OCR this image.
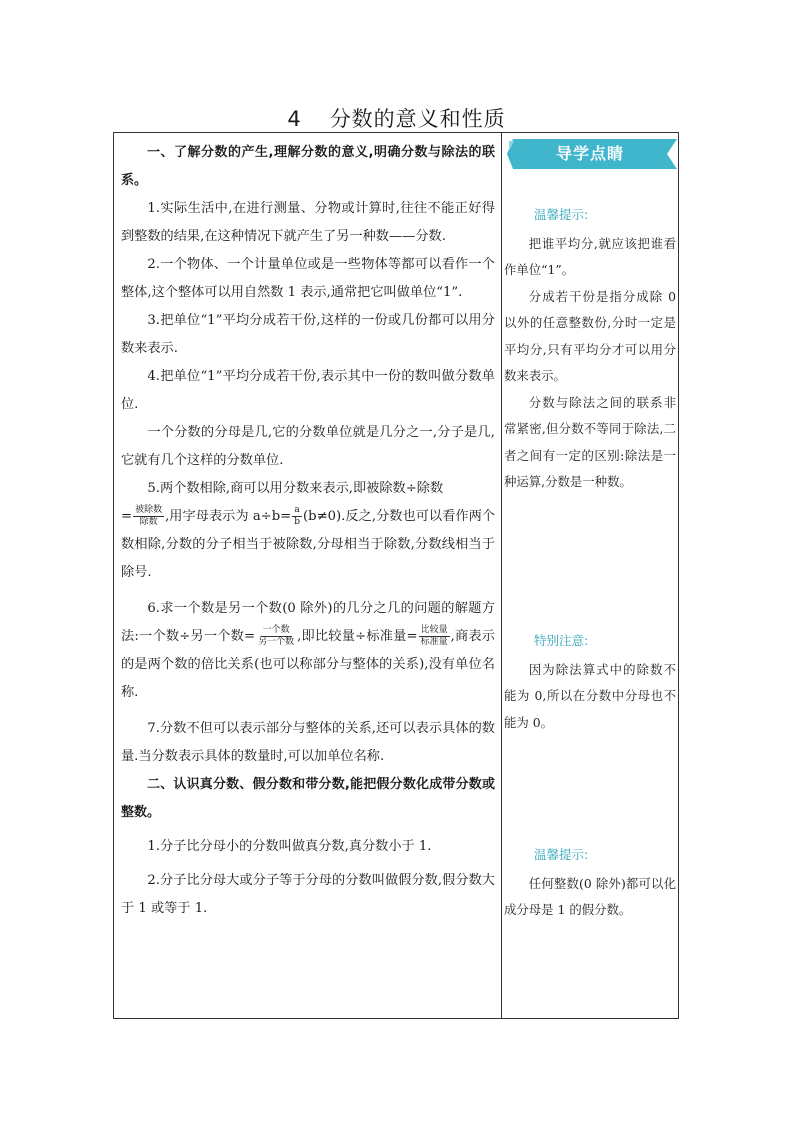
4 分数的意义和性质

一、了解分数的产生,理解分数的意义,明确分数与除法的联系。

1.实际生活中,在进行测量、分物或计算时,往往不能正好得到整数的结果,在这种情况下就产生了另一种数——分数.

2.一个物体、一个计量单位或是一些物体等都可以看作一个整体,这个整体可以用自然数 1 表示,通常把它叫做单位“1”.

3.把单位“1”平均分成若干份,这样的一份或几份都可以用分数来表示.

4.把单位“1”平均分成若干份,表示其中一份的数叫做分数单位.

一个分数的分母是几,它的分数单位就是几分之一,分子是几,它就有几个这样的分数单位.

5.两个数相除,商可以用分数来表示,即被除数÷除数
= $\frac{\text{被除数}}{\text{除数}}$ ,用字母表示为 $a\div b= \frac{a}{b} (b\ne 0)$.反之,分数也可以看作两个数相除,分数的分子相当于被除数,分母相当于除数,分数线相当于除号.

6.求一个数是另一个数(0 除外)的几分之几的问题的解题方法:一个数÷另一个数= $\frac{\text{一个数}}{\text{另一个数}}$ ,即比较量÷标准量= $\frac{\text{比较量}}{\text{标准量}}$ ,商表示的是两个数的倍比关系(也可以称部分与整体的关系),没有单位名称.

7.分数不但可以表示部分与整体的关系,还可以表示具体的数量.当分数表示具体的数量时,可以加单位名称.

二、认识真分数、假分数和带分数,能把假分数化成带分数或整数。

1.分子比分母小的分数叫做真分数,真分数小于 1.

2.分子比分母大或分子等于分母的分数叫做假分数,假分数大于 1 或等于 1.

导学点睛

温馨提示:

把谁平均分,就应该把谁看作单位“1”。

分成若干份是指分成除 0 以外的任意整数份,分时一定是平均分,只有平均分才可以用分数来表示。

分数与除法之间的联系非常紧密,但分数不等同于除法,二者之间有一定的区别:除法是一种运算,分数是一种数。

特别注意:

因为除法算式中的除数不能为 0,所以在分数中分母也不能为 0。

温馨提示:

任何整数(0 除外)都可以化成分母是 1 的假分数。
